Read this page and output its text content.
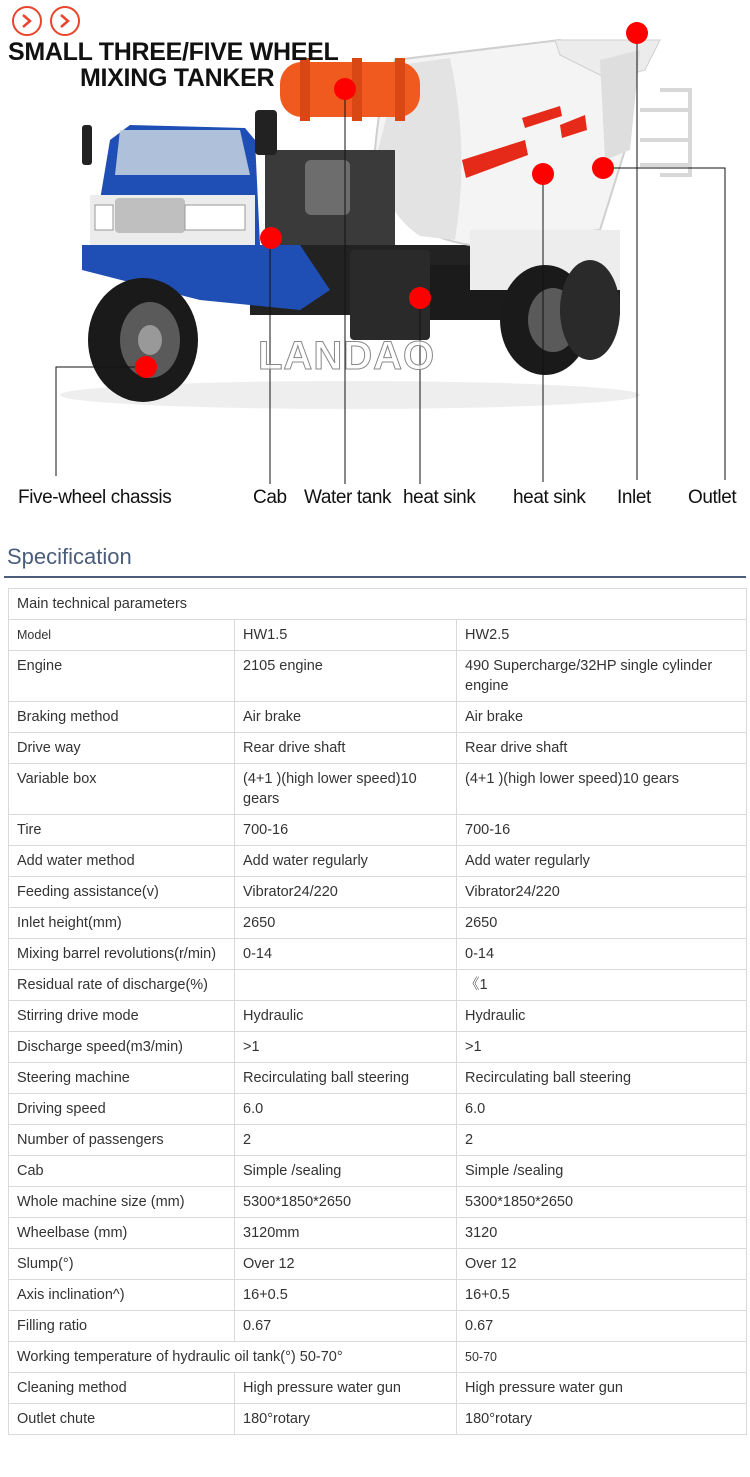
SMALL THREE/FIVE WHEEL
MIXING TANKER
LANDAO
Five-wheel chassis	Cab Water tank heat sink heat sink Inlet Outlet
Specification
Main technical parameters		
Model	HW1.5	HW2.5
Engine	2105 engine	490 Supercharge/32HP single cylinder engine
Braking method	Air brake	Air brake
Drive way	Rear drive shaft	Rear drive shaft
Variable box	(4+1 )(high lower speed)10 gears	(4+1 )(high lower speed)10 gears
Tire	700-16	700-16
Add water method	Add water regularly	Add water regularly
Feeding assistance(v)	Vibrator24/220	Vibrator24/220
Inlet height(mm)	2650	2650
Mixing barrel revolutions(r/min)	0-14	0-14
Residual rate of discharge(%)		《1
Stirring drive mode	Hydraulic	Hydraulic
Discharge speed(m3/min)	>1	>1
Steering machine	Recirculating ball steering	Recirculating ball steering
Driving speed	6.0	6.0
Number of passengers	2	2
Cab	Simple /sealing	Simple /sealing
Whole machine size (mm)	5300*1850*2650	5300*1850*2650
Wheelbase (mm)	3120mm	3120
Slump(°)	Over 12	Over 12
Axis inclination^)	16+0.5	16+0.5
Filling ratio	0.67	0.67
Working temperature of hydraulic oil tank(°) 50-70°		50-70
Cleaning method	High pressure water gun	High pressure water gun
Outlet chute	180°rotary	180°rotary
